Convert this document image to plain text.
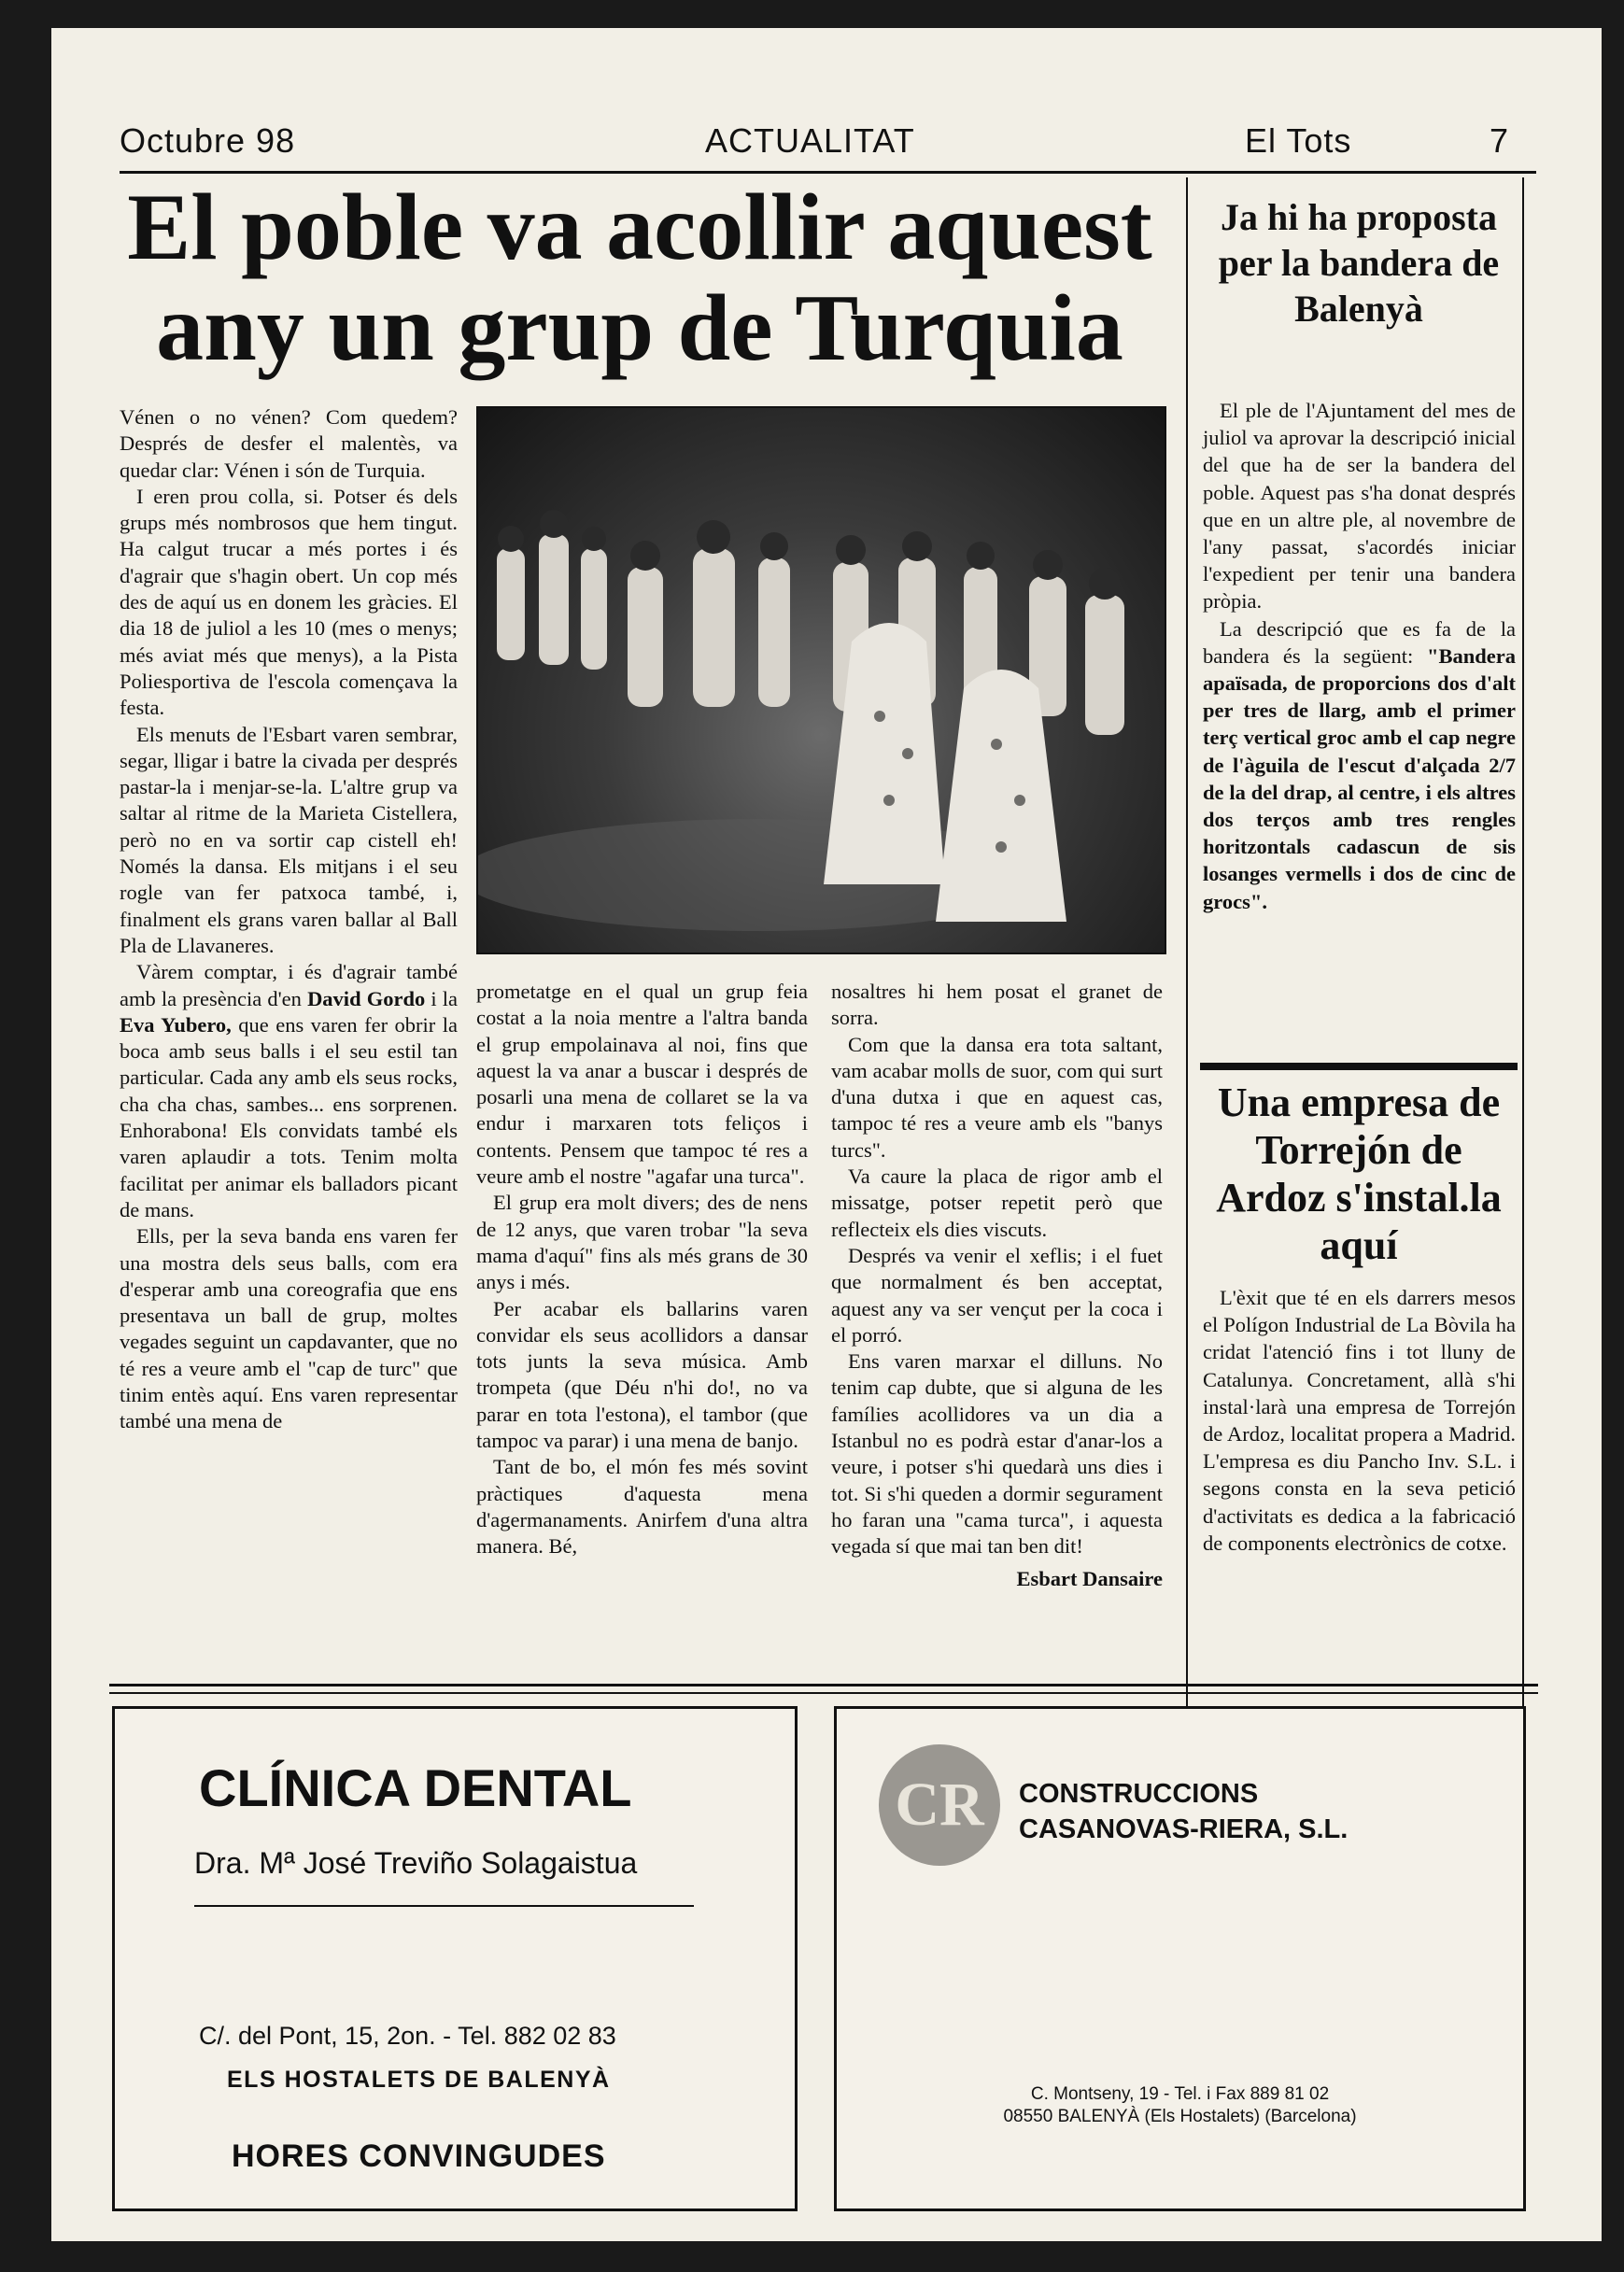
Octubre 98	ACTUALITAT	El Tots	7
El poble va acollir aquest
any un grup de Turquia

Vénen o no vénen? Com quedem? Després de desfer el malentès, va quedar clar: Vénen i són de Turquia.

I eren prou colla, si. Potser és dels grups més nombrosos que hem tingut. Ha calgut trucar a més portes i és d'agrair que s'hagin obert. Un cop més des de aquí us en donem les gràcies. El dia 18 de juliol a les 10 (mes o menys; més aviat més que menys), a la Pista Poliesportiva de l'escola començava la festa.

Els menuts de l'Esbart varen sembrar, segar, lligar i batre la civada per després pastar-la i menjar-se-la. L'altre grup va saltar al ritme de la Marieta Cistellera, però no en va sortir cap cistell eh! Només la dansa. Els mitjans i el seu rogle van fer patxoca també, i, finalment els grans varen ballar al Ball Pla de Llavaneres.

Vàrem comptar, i és d'agrair també amb la presència d'en David Gordo i la Eva Yubero, que ens varen fer obrir la boca amb seus balls i el seu estil tan particular. Cada any amb els seus rocks, cha cha chas, sambes... ens sorprenen. Enhorabona! Els convidats també els varen aplaudir a tots. Tenim molta facilitat per animar els balladors picant de mans.

Ells, per la seva banda ens varen fer una mostra dels seus balls, com era d'esperar amb una coreografia que ens presentava un ball de grup, moltes vegades seguint un capdavanter, que no té res a veure amb el "cap de turc" que tinim entès aquí. Ens varen representar també una mena de

prometatge en el qual un grup feia costat a la noia mentre a l'altra banda el grup empolainava al noi, fins que aquest la va anar a buscar i després de posarli una mena de collaret se la va endur i marxaren tots feliços i contents. Pensem que tampoc té res a veure amb el nostre "agafar una turca".

El grup era molt divers; des de nens de 12 anys, que varen trobar "la seva mama d'aquí" fins als més grans de 30 anys i més.

Per acabar els ballarins varen convidar els seus acollidors a dansar tots junts la seva música. Amb trompeta (que Déu n'hi do!, no va parar en tota l'estona), el tambor (que tampoc va parar) i una mena de banjo.

Tant de bo, el món fes més sovint pràctiques d'aquesta mena d'agermanaments. Anirfem d'una altra manera. Bé,

nosaltres hi hem posat el granet de sorra.

Com que la dansa era tota saltant, vam acabar molls de suor, com qui surt d'una dutxa i que en aquest cas, tampoc té res a veure amb els "banys turcs".

Va caure la placa de rigor amb el missatge, potser repetit però que reflecteix els dies viscuts.

Després va venir el xeflis; i el fuet que normalment és ben acceptat, aquest any va ser vençut per la coca i el porró.

Ens varen marxar el dilluns. No tenim cap dubte, que si alguna de les famílies acollidores va un dia a Istanbul no es podrà estar d'anar-los a veure, i potser s'hi quedarà uns dies i tot. Si s'hi queden a dormir segurament ho faran una "cama turca", i aquesta vegada sí que mai tan ben dit!

Esbart Dansaire
Ja hi ha proposta per la bandera de Balenyà

El ple de l'Ajuntament del mes de juliol va aprovar la descripció inicial del que ha de ser la bandera del poble. Aquest pas s'ha donat després que en un altre ple, al novembre de l'any passat, s'acordés iniciar l'expedient per tenir una bandera pròpia.

La descripció que es fa de la bandera és la següent: "Bandera apaïsada, de proporcions dos d'alt per tres de llarg, amb el primer terç vertical groc amb el cap negre de l'àguila de l'escut d'alçada 2/7 de la del drap, al centre, i els altres dos terços amb tres rengles horitzontals cadascun de sis losanges vermells i dos de cinc de grocs".

Una empresa de Torrejón de Ardoz s'instal.la aquí

L'èxit que té en els darrers mesos el Polígon Industrial de La Bòvila ha cridat l'atenció fins i tot lluny de Catalunya. Concretament, allà s'hi instal·larà una empresa de Torrejón de Ardoz, localitat propera a Madrid. L'empresa es diu Pancho Inv. S.L. i segons consta en la seva petició d'activitats es dedica a la fabricació de components electrònics de cotxe.

CLÍNICA DENTAL
Dra. Mª José Treviño Solagaistua
C/. del Pont, 15, 2on. - Tel. 882 02 83
ELS HOSTALETS DE BALENYÀ
HORES CONVINGUDES
CR	CONSTRUCCIONS
CASANOVAS-RIERA, S.L.
C. Montseny, 19 - Tel. i Fax 889 81 02
08550 BALENYÀ (Els Hostalets) (Barcelona)
